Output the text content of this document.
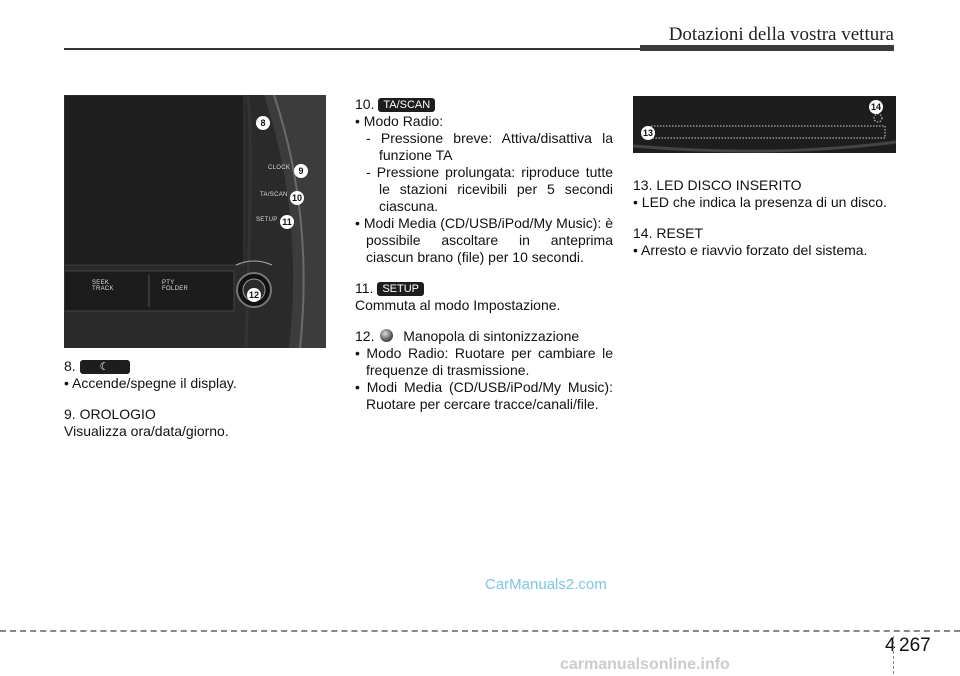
Dotazioni della vostra vettura
CLOCK
TA/SCAN
SETUP
SEEK
TRACK
PTY
FOLDER
8
9
10
11
12
14
13

8. ☾

• Accende/spegne il display.

9. OROLOGIO

Visualizza ora/data/giorno.

10. TA/SCAN

• Modo Radio:

- Pressione breve: Attiva/disattiva la funzione TA

- Pressione prolungata: riproduce tutte le stazioni ricevibili per 5 secondi ciascuna.

• Modi Media (CD/USB/iPod/My Music): è possibile ascoltare in anteprima ciascun brano (file) per 10 secondi.

11. SETUP

Commuta al modo Impostazione.

12. Manopola di sintonizzazione

• Modo Radio: Ruotare per cambiare le frequenze di trasmissione.

• Modi Media (CD/USB/iPod/My Music): Ruotare per cercare tracce/canali/file.

13. LED DISCO INSERITO

• LED che indica la presenza di un disco.

14. RESET

• Arresto e riavvio forzato del sistema.

CarManuals2.com
4 267
carmanualsonline.info
